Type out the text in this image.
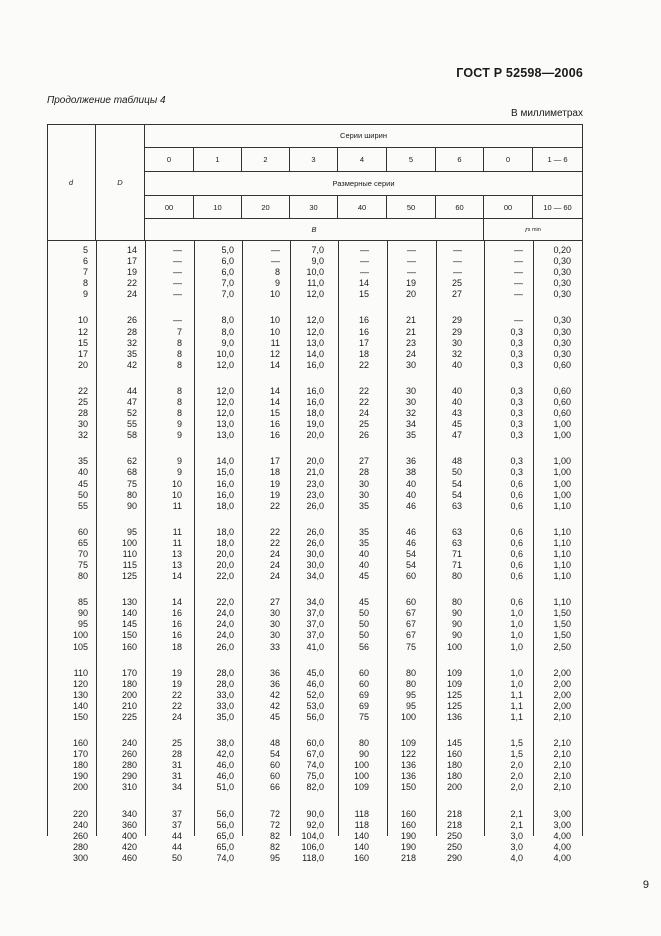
ГОСТ Р 52598—2006
Продолжение таблицы 4
В миллиметрах
d	D
Серии ширин
0	1	2	3	4	5	6	0	1 — 6
Размерные серии
00	10	20	30	40	50	60	00	10 — 60
B	r s min
5	14	—	5,0	—	7,0	—	—	—	—	0,20
6	17	—	6,0	—	9,0	—	—	—	—	0,30
7	19	—	6,0	8	10,0	—	—	—	—	0,30
8	22	—	7,0	9	11,0	14	19	25	—	0,30
9	24	—	7,0	10	12,0	15	20	27	—	0,30
10	26	—	8,0	10	12,0	16	21	29	—	0,30
12	28	7	8,0	10	12,0	16	21	29	0,3	0,30
15	32	8	9,0	11	13,0	17	23	30	0,3	0,30
17	35	8	10,0	12	14,0	18	24	32	0,3	0,30
20	42	8	12,0	14	16,0	22	30	40	0,3	0,60
22	44	8	12,0	14	16,0	22	30	40	0,3	0,60
25	47	8	12,0	14	16,0	22	30	40	0,3	0,60
28	52	8	12,0	15	18,0	24	32	43	0,3	0,60
30	55	9	13,0	16	19,0	25	34	45	0,3	1,00
32	58	9	13,0	16	20,0	26	35	47	0,3	1,00
35	62	9	14,0	17	20,0	27	36	48	0,3	1,00
40	68	9	15,0	18	21,0	28	38	50	0,3	1,00
45	75	10	16,0	19	23,0	30	40	54	0,6	1,00
50	80	10	16,0	19	23,0	30	40	54	0,6	1,00
55	90	11	18,0	22	26,0	35	46	63	0,6	1,10
60	95	11	18,0	22	26,0	35	46	63	0,6	1,10
65	100	11	18,0	22	26,0	35	46	63	0,6	1,10
70	110	13	20,0	24	30,0	40	54	71	0,6	1,10
75	115	13	20,0	24	30,0	40	54	71	0,6	1,10
80	125	14	22,0	24	34,0	45	60	80	0,6	1,10
85	130	14	22,0	27	34,0	45	60	80	0,6	1,10
90	140	16	24,0	30	37,0	50	67	90	1,0	1,50
95	145	16	24,0	30	37,0	50	67	90	1,0	1,50
100	150	16	24,0	30	37,0	50	67	90	1,0	1,50
105	160	18	26,0	33	41,0	56	75	100	1,0	2,50
110	170	19	28,0	36	45,0	60	80	109	1,0	2,00
120	180	19	28,0	36	46,0	60	80	109	1,0	2,00
130	200	22	33,0	42	52,0	69	95	125	1,1	2,00
140	210	22	33,0	42	53,0	69	95	125	1,1	2,00
150	225	24	35,0	45	56,0	75	100	136	1,1	2,10
160	240	25	38,0	48	60,0	80	109	145	1,5	2,10
170	260	28	42,0	54	67,0	90	122	160	1,5	2,10
180	280	31	46,0	60	74,0	100	136	180	2,0	2,10
190	290	31	46,0	60	75,0	100	136	180	2,0	2,10
200	310	34	51,0	66	82,0	109	150	200	2,0	2,10
220	340	37	56,0	72	90,0	118	160	218	2,1	3,00
240	360	37	56,0	72	92,0	118	160	218	2,1	3,00
260	400	44	65,0	82 104,0	140	190	250	3,0	4,00
280	420	44	65,0	82 106,0	140	190	250	3,0	4,00
300	460	50	74,0	95 118,0	160	218	290	4,0	4,00
9
